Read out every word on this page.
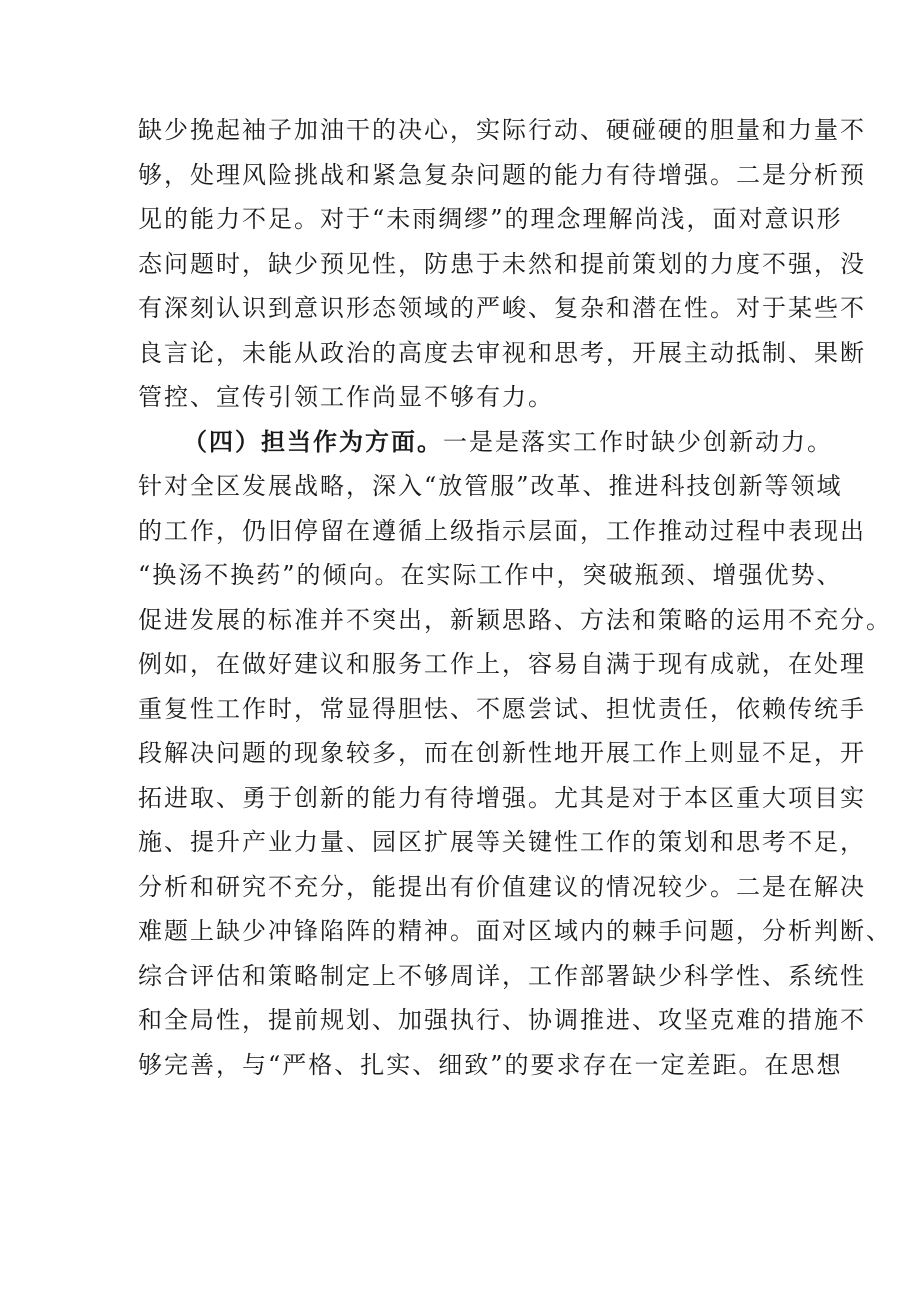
缺少挽起袖子加油干的决心，实际行动、硬碰硬的胆量和力量不
够，处理风险挑战和紧急复杂问题的能力有待增强。二是分析预
见的能力不足。对于“未雨绸缪”的理念理解尚浅，面对意识形
态问题时，缺少预见性，防患于未然和提前策划的力度不强，没
有深刻认识到意识形态领域的严峻、复杂和潜在性。对于某些不
良言论，未能从政治的高度去审视和思考，开展主动抵制、果断
管控、宣传引领工作尚显不够有力。
（四）担当作为方面。一是是落实工作时缺少创新动力。
针对全区发展战略，深入“放管服”改革、推进科技创新等领域
的工作，仍旧停留在遵循上级指示层面，工作推动过程中表现出
“换汤不换药”的倾向。在实际工作中，突破瓶颈、增强优势、
促进发展的标准并不突出，新颖思路、方法和策略的运用不充分。
例如，在做好建议和服务工作上，容易自满于现有成就，在处理
重复性工作时，常显得胆怯、不愿尝试、担忧责任，依赖传统手
段解决问题的现象较多，而在创新性地开展工作上则显不足，开
拓进取、勇于创新的能力有待增强。尤其是对于本区重大项目实
施、提升产业力量、园区扩展等关键性工作的策划和思考不足，
分析和研究不充分，能提出有价值建议的情况较少。二是在解决
难题上缺少冲锋陷阵的精神。面对区域内的棘手问题，分析判断、
综合评估和策略制定上不够周详，工作部署缺少科学性、系统性
和全局性，提前规划、加强执行、协调推进、攻坚克难的措施不
够完善，与“严格、扎实、细致”的要求存在一定差距。在思想
